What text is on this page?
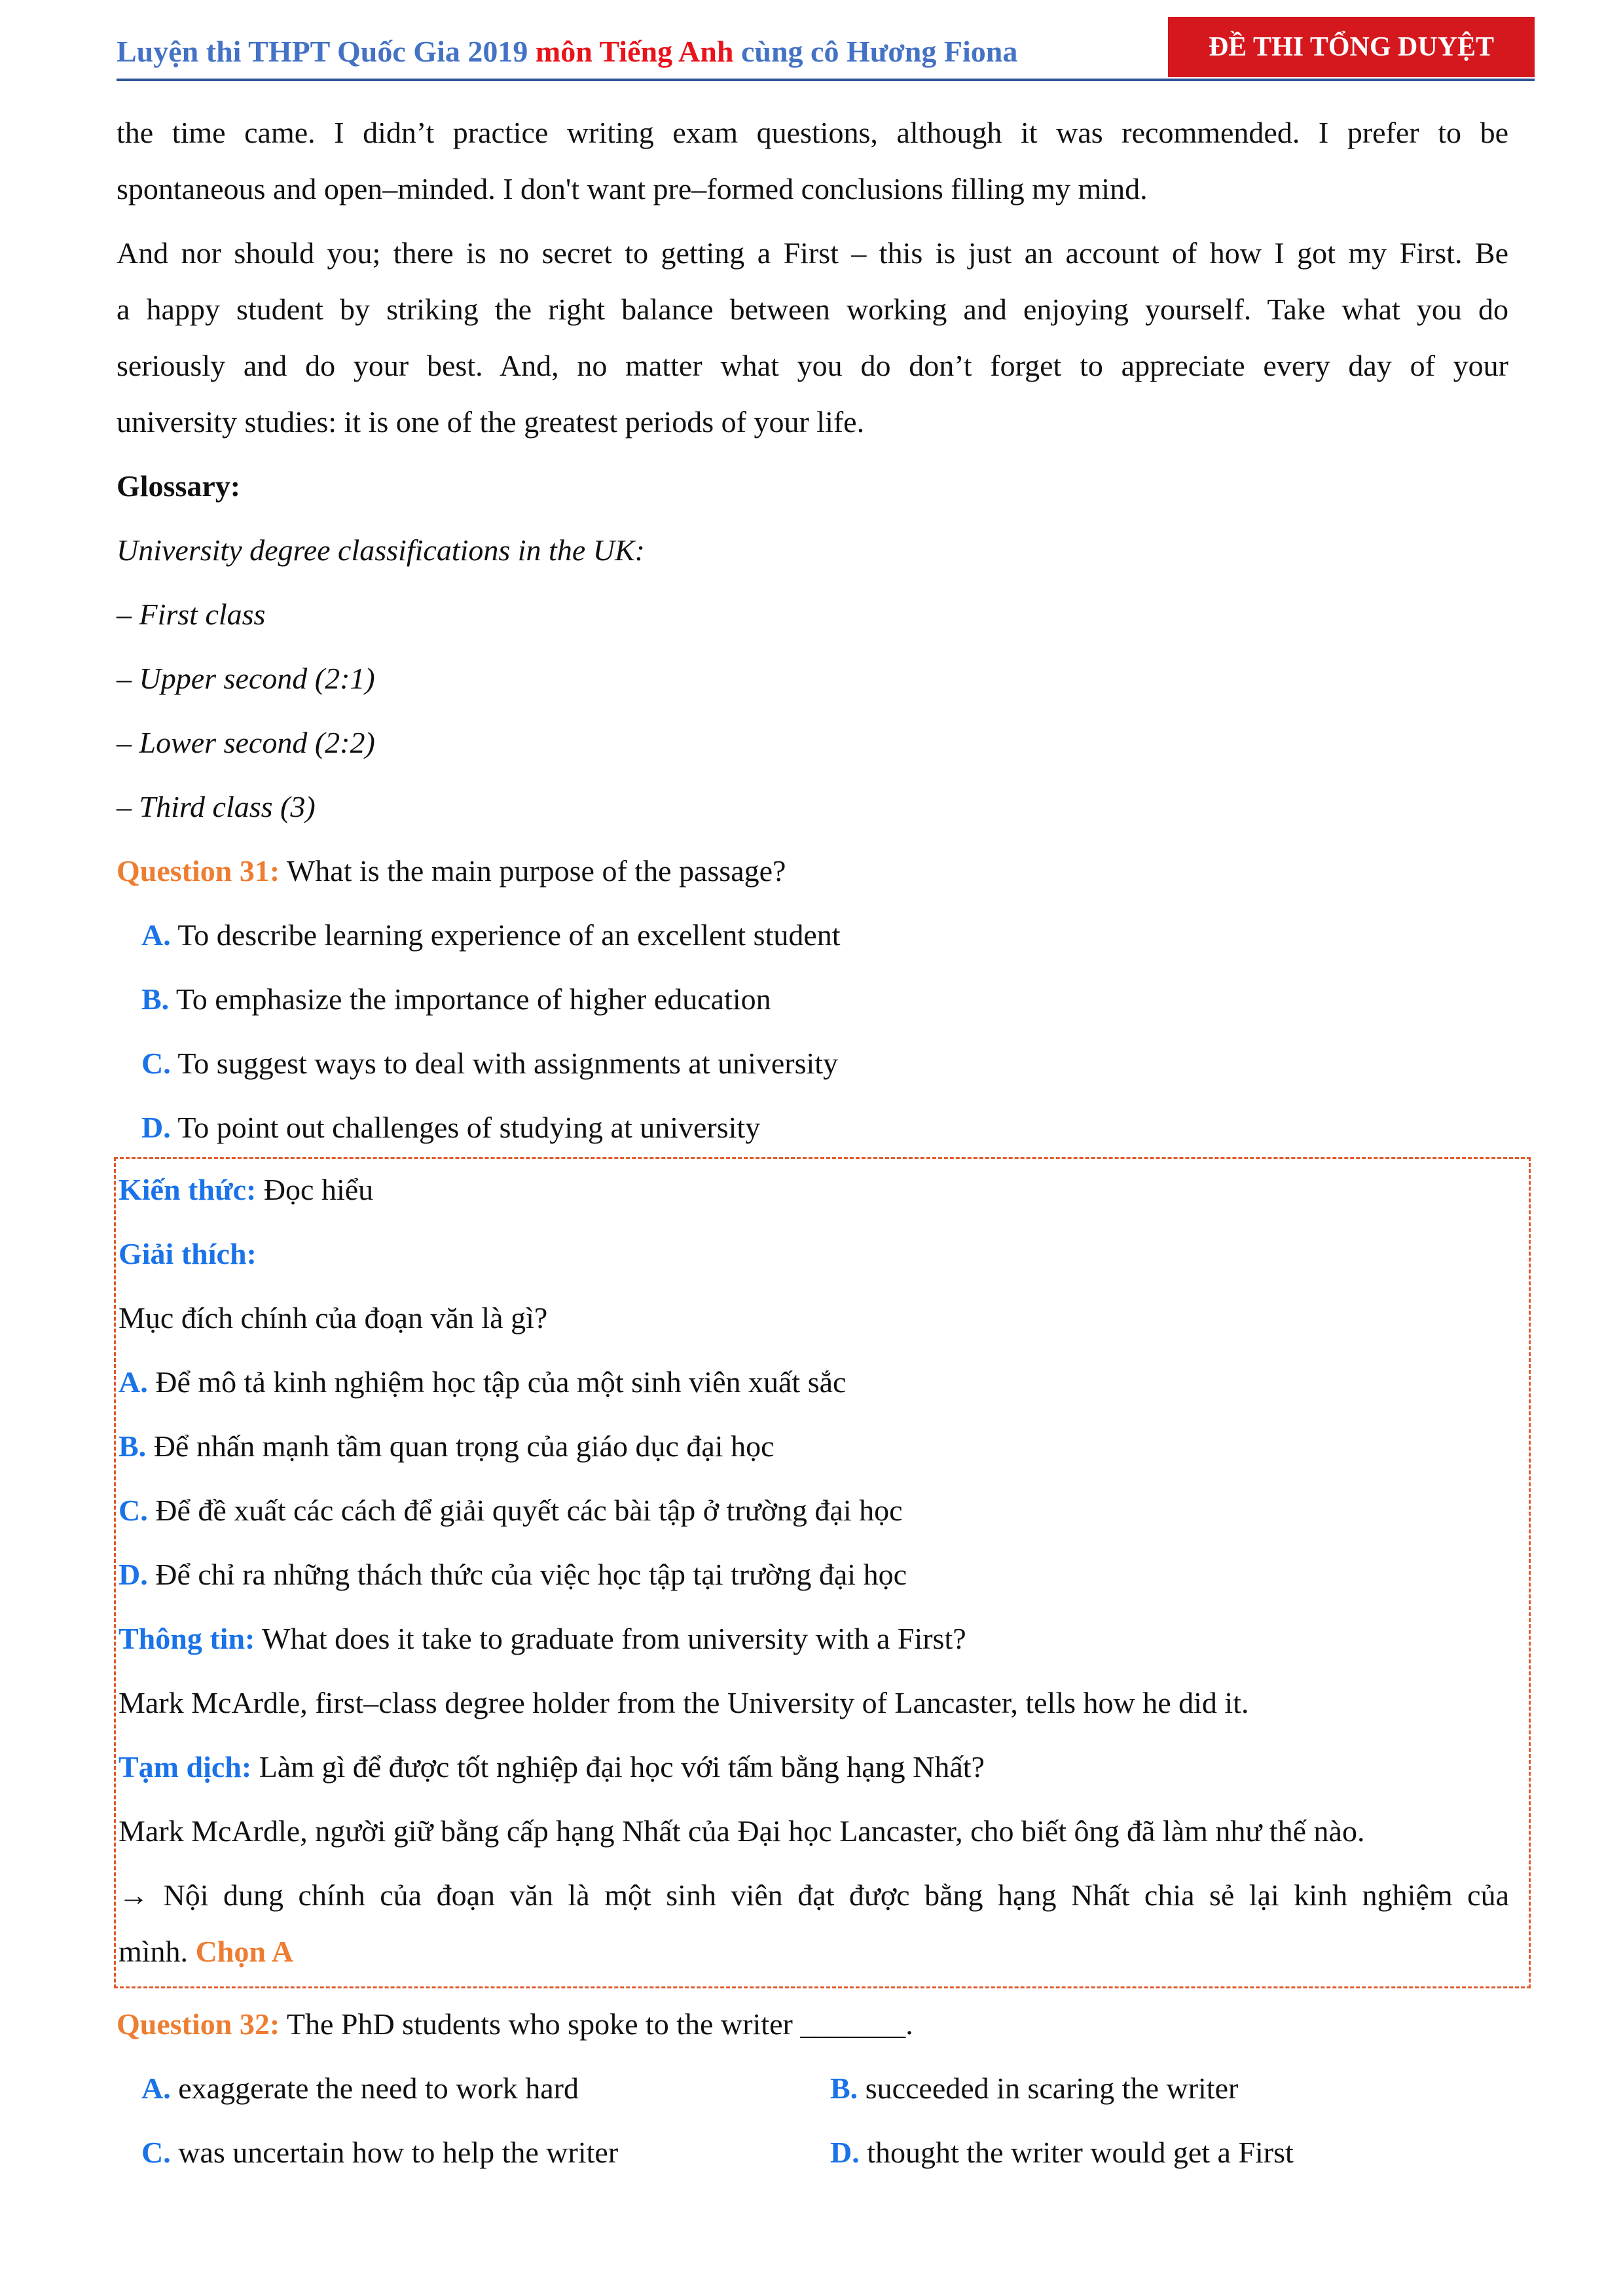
Luyện thi THPT Quốc Gia 2019 môn Tiếng Anh cùng cô Hương Fiona	ĐỀ THI TỔNG DUYỆT

the time came. I didn’t practice writing exam questions, although it was recommended. I prefer to be

spontaneous and open–minded. I don't want pre–formed conclusions filling my mind.

And nor should you; there is no secret to getting a First – this is just an account of how I got my First. Be

a happy student by striking the right balance between working and enjoying yourself. Take what you do

seriously and do your best. And, no matter what you do don’t forget to appreciate every day of your

university studies: it is one of the greatest periods of your life.

Glossary:

University degree classifications in the UK:

– First class

– Upper second (2:1)

– Lower second (2:2)

– Third class (3)

Question 31: What is the main purpose of the passage?

A. To describe learning experience of an excellent student

B. To emphasize the importance of higher education

C. To suggest ways to deal with assignments at university

D. To point out challenges of studying at university

Kiến thức: Đọc hiểu

Giải thích:

Mục đích chính của đoạn văn là gì?

A. Để mô tả kinh nghiệm học tập của một sinh viên xuất sắc

B. Để nhấn mạnh tầm quan trọng của giáo dục đại học

C. Để đề xuất các cách để giải quyết các bài tập ở trường đại học

D. Để chỉ ra những thách thức của việc học tập tại trường đại học

Thông tin: What does it take to graduate from university with a First?

Mark McArdle, first–class degree holder from the University of Lancaster, tells how he did it.

Tạm dịch: Làm gì để được tốt nghiệp đại học với tấm bằng hạng Nhất?

Mark McArdle, người giữ bằng cấp hạng Nhất của Đại học Lancaster, cho biết ông đã làm như thế nào.

→ Nội dung chính của đoạn văn là một sinh viên đạt được bằng hạng Nhất chia sẻ lại kinh nghiệm của

mình. Chọn A

Question 32: The PhD students who spoke to the writer _______.

A. exaggerate the need to work hard	B. succeeded in scaring the writer
C. was uncertain how to help the writer	D. thought the writer would get a First
